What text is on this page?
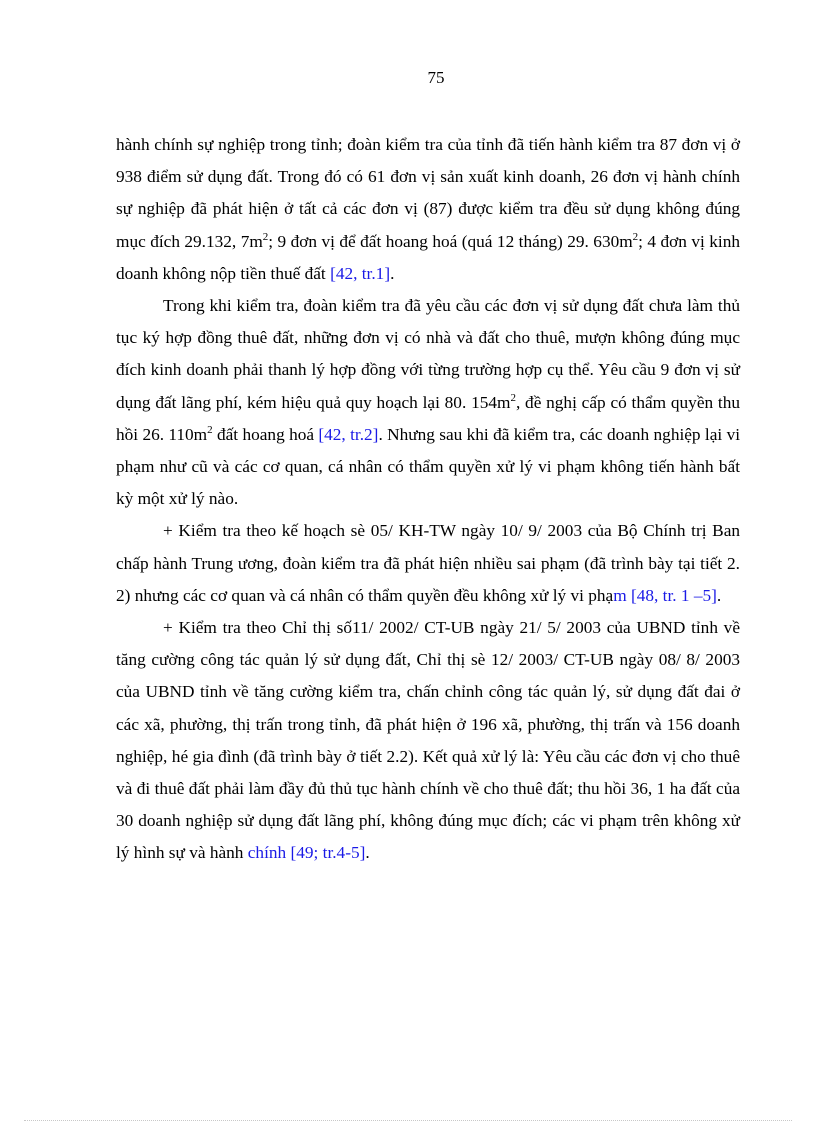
75

hành chính sự nghiệp trong tỉnh; đoàn kiểm tra của tỉnh đã tiến hành kiểm tra 87 đơn vị ở 938 điểm sử dụng đất. Trong đó có 61 đơn vị sản xuất kinh doanh, 26 đơn vị hành chính sự nghiệp đã phát hiện ở tất cả các đơn vị (87) được kiểm tra đều sử dụng không đúng mục đích 29.132, $7m^2$; 9 đơn vị để đất hoang hoá (quá 12 tháng) 29. $630m^2$; 4 đơn vị kinh doanh không nộp tiền thuế đất [42, tr.1].

Trong khi kiểm tra, đoàn kiểm tra đã yêu cầu các đơn vị sử dụng đất chưa làm thủ tục ký hợp đồng thuê đất, những đơn vị có nhà và đất cho thuê, mượn không đúng mục đích kinh doanh phải thanh lý hợp đồng với từng trường hợp cụ thể. Yêu cầu 9 đơn vị sử dụng đất lãng phí, kém hiệu quả quy hoạch lại 80. $154m^2$, đề nghị cấp có thẩm quyền thu hồi 26. $110m^2$ đất hoang hoá [42, tr.2]. Nhưng sau khi đã kiểm tra, các doanh nghiệp lại vi phạm như cũ và các cơ quan, cá nhân có thẩm quyền xử lý vi phạm không tiến hành bất kỳ một xử lý nào.

+ Kiểm tra theo kế hoạch sè 05/ KH-TW ngày 10/ 9/ 2003 của Bộ Chính trị Ban chấp hành Trung ương, đoàn kiểm tra đã phát hiện nhiều sai phạm (đã trình bày tại tiết 2. 2) nhưng các cơ quan và cá nhân có thẩm quyền đều không xử lý vi phạm [48, tr. 1 –5].

+ Kiểm tra theo Chỉ thị số11/ 2002/ CT-UB ngày 21/ 5/ 2003 của UBND tỉnh về tăng cường công tác quản lý sử dụng đất, Chỉ thị sè 12/ 2003/ CT-UB ngày 08/ 8/ 2003 của UBND tỉnh về tăng cường kiểm tra, chấn chỉnh công tác quản lý, sử dụng đất đai ở các xã, phường, thị trấn trong tỉnh, đã phát hiện ở 196 xã, phường, thị trấn và 156 doanh nghiệp, hé gia đình (đã trình bày ở tiết 2.2). Kết quả xử lý là: Yêu cầu các đơn vị cho thuê và đi thuê đất phải làm đầy đủ thủ tục hành chính về cho thuê đất; thu hồi 36, 1 ha đất của 30 doanh nghiệp sử dụng đất lãng phí, không đúng mục đích; các vi phạm trên không xử lý hình sự và hành chính [49; tr.4-5].
